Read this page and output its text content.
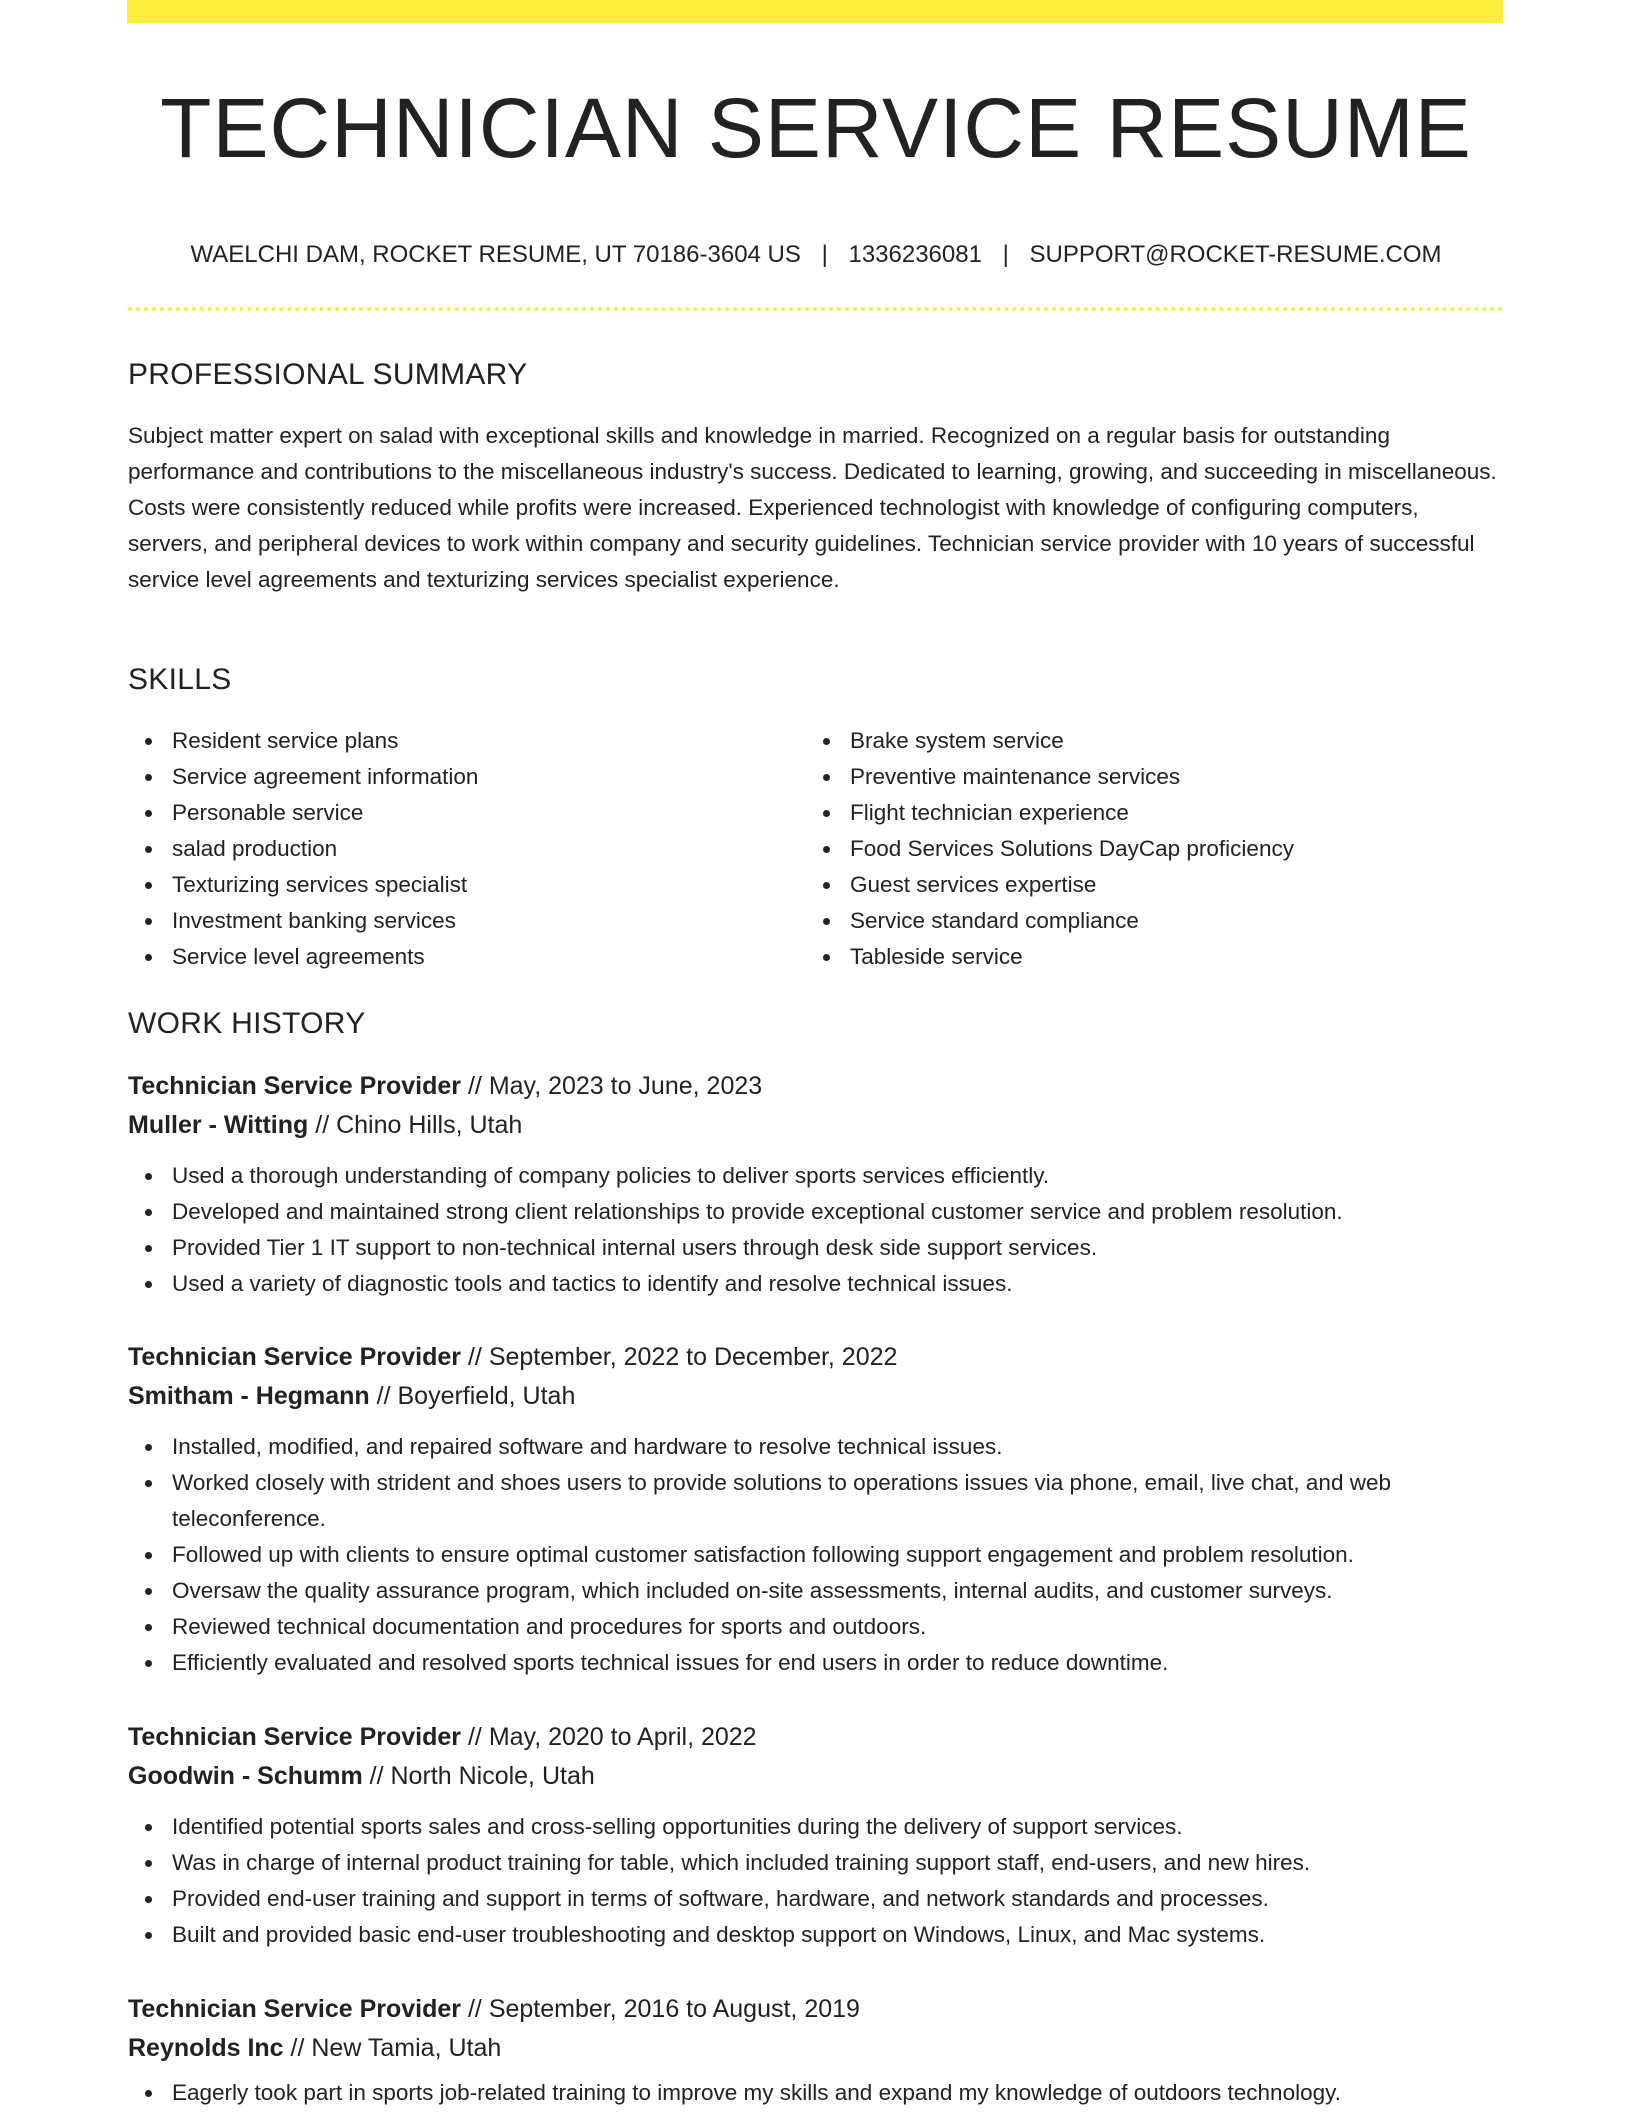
TECHNICIAN SERVICE RESUME
WAELCHI DAM, ROCKET RESUME, UT 70186-3604 US | 1336236081 | SUPPORT@ROCKET-RESUME.COM
PROFESSIONAL SUMMARY

Subject matter expert on salad with exceptional skills and knowledge in married. Recognized on a regular basis for outstanding performance and contributions to the miscellaneous industry's success. Dedicated to learning, growing, and succeeding in miscellaneous. Costs were consistently reduced while profits were increased. Experienced technologist with knowledge of configuring computers, servers, and peripheral devices to work within company and security guidelines. Technician service provider with 10 years of successful service level agreements and texturizing services specialist experience.

SKILLS
Resident service plans
Service agreement information
Personable service
salad production
Texturizing services specialist
Investment banking services
Service level agreements
Brake system service
Preventive maintenance services
Flight technician experience
Food Services Solutions DayCap proficiency
Guest services expertise
Service standard compliance
Tableside service
WORK HISTORY
Technician Service Provider // May, 2023 to June, 2023
Muller - Witting // Chino Hills, Utah
Used a thorough understanding of company policies to deliver sports services efficiently.
Developed and maintained strong client relationships to provide exceptional customer service and problem resolution.
Provided Tier 1 IT support to non-technical internal users through desk side support services.
Used a variety of diagnostic tools and tactics to identify and resolve technical issues.
Technician Service Provider // September, 2022 to December, 2022
Smitham - Hegmann // Boyerfield, Utah
Installed, modified, and repaired software and hardware to resolve technical issues.
Worked closely with strident and shoes users to provide solutions to operations issues via phone, email, live chat, and web teleconference.
Followed up with clients to ensure optimal customer satisfaction following support engagement and problem resolution.
Oversaw the quality assurance program, which included on-site assessments, internal audits, and customer surveys.
Reviewed technical documentation and procedures for sports and outdoors.
Efficiently evaluated and resolved sports technical issues for end users in order to reduce downtime.
Technician Service Provider // May, 2020 to April, 2022
Goodwin - Schumm // North Nicole, Utah
Identified potential sports sales and cross-selling opportunities during the delivery of support services.
Was in charge of internal product training for table, which included training support staff, end-users, and new hires.
Provided end-user training and support in terms of software, hardware, and network standards and processes.
Built and provided basic end-user troubleshooting and desktop support on Windows, Linux, and Mac systems.
Technician Service Provider // September, 2016 to August, 2019
Reynolds Inc // New Tamia, Utah
Eagerly took part in sports job-related training to improve my skills and expand my knowledge of outdoors technology.
